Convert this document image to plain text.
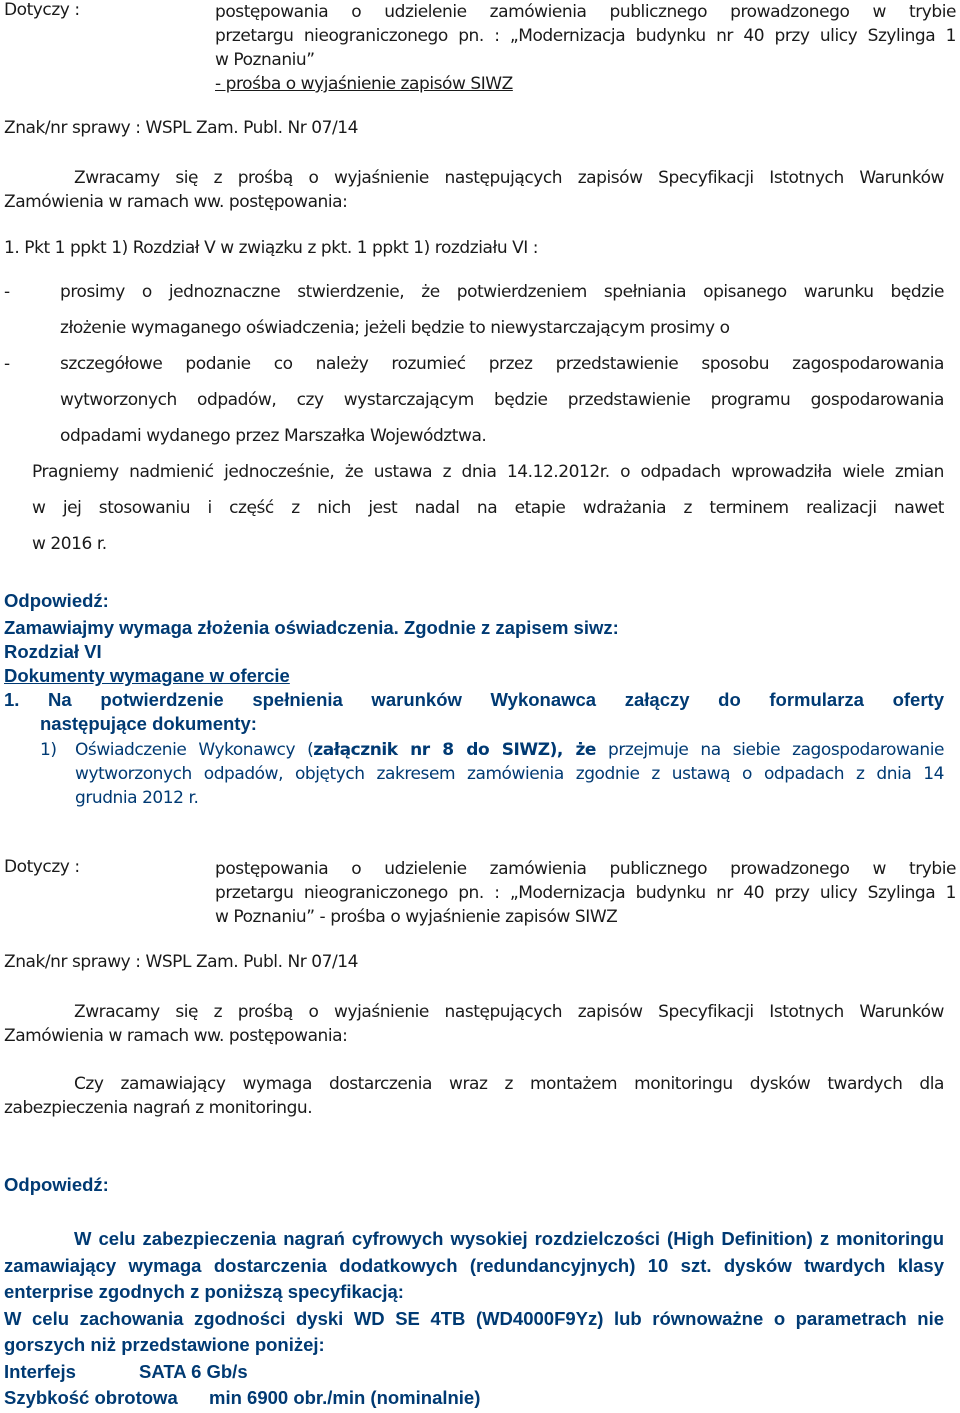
Dotyczy :	postępowania o udzielenie zamówienia publicznego prowadzonego w trybie
przetargu nieograniczonego pn. : „Modernizacja budynku nr 40 przy ulicy Szylinga 1
w Poznaniu”
- prośba o wyjaśnienie zapisów SIWZ
Znak/nr sprawy : WSPL Zam. Publ. Nr 07/14
Zwracamy się z prośbą o wyjaśnienie następujących zapisów Specyfikacji Istotnych Warunków
Zamówienia w ramach ww. postępowania:
1. Pkt 1 ppkt 1) Rozdział V w związku z pkt. 1 ppkt 1) rozdziału VI :
-	prosimy o jednoznaczne stwierdzenie, że potwierdzeniem spełniania opisanego warunku będzie
złożenie wymaganego oświadczenia; jeżeli będzie to niewystarczającym prosimy o
-	szczegółowe podanie co należy rozumieć przez przedstawienie sposobu zagospodarowania
wytworzonych odpadów, czy wystarczającym będzie przedstawienie programu gospodarowania
odpadami wydanego przez Marszałka Województwa.
Pragniemy nadmienić jednocześnie, że ustawa z dnia 14.12.2012r. o odpadach wprowadziła wiele zmian
w jej stosowaniu i część z nich jest nadal na etapie wdrażania z terminem realizacji nawet
w 2016 r.
Odpowiedź:
Zamawiajmy wymaga złożenia oświadczenia. Zgodnie z zapisem siwz:
Rozdział VI
Dokumenty wymagane w ofercie
1. Na potwierdzenie spełnienia warunków Wykonawca załączy do formularza oferty
następujące dokumenty:
1) Oświadczenie Wykonawcy (załącznik nr 8 do SIWZ), że przejmuje na siebie zagospodarowanie
wytworzonych odpadów, objętych zakresem zamówienia zgodnie z ustawą o odpadach z dnia 14
grudnia 2012 r.
Dotyczy :	postępowania o udzielenie zamówienia publicznego prowadzonego w trybie
przetargu nieograniczonego pn. : „Modernizacja budynku nr 40 przy ulicy Szylinga 1
w Poznaniu” - prośba o wyjaśnienie zapisów SIWZ
Znak/nr sprawy : WSPL Zam. Publ. Nr 07/14
Zwracamy się z prośbą o wyjaśnienie następujących zapisów Specyfikacji Istotnych Warunków
Zamówienia w ramach ww. postępowania:
Czy zamawiający wymaga dostarczenia wraz z montażem monitoringu dysków twardych dla
zabezpieczenia nagrań z monitoringu.
Odpowiedź:
W celu zabezpieczenia nagrań cyfrowych wysokiej rozdzielczości (High Definition) z monitoringu
zamawiający wymaga dostarczenia dodatkowych (redundancyjnych) 10 szt. dysków twardych klasy
enterprise zgodnych z poniższą specyfikacją:
W celu zachowania zgodności dyski WD SE 4TB (WD4000F9Yz) lub równoważne o parametrach nie
gorszych niż przedstawione poniżej:
Interfejs	SATA 6 Gb/s
Szybkość obrotowa min 6900 obr./min (nominalnie)
